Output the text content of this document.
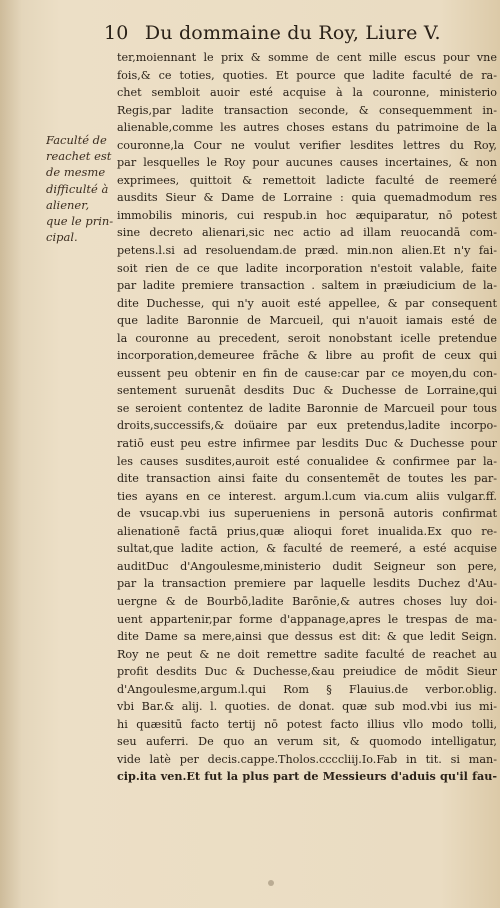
10 Du dommaine du Roy, Liure V.
Faculté de
reachet est
de mesme
difficulté à
aliener,
que le prin-
cipal.
ter,moiennant le prix & somme de cent mille escus pour vne
fois,& ce toties, quoties. Et pource que ladite faculté de ra-
chet sembloit auoir esté acquise à la couronne, ministerio
Regis,par ladite transaction seconde, & consequemment in-
alienable,comme les autres choses estans du patrimoine de la
couronne,la Cour ne voulut verifier lesdites lettres du Roy,
par lesquelles le Roy pour aucunes causes incertaines, & non
exprimees, quittoit & remettoit ladicte faculté de reemeré
ausdits Sieur & Dame de Lorraine : quia quemadmodum res
immobilis minoris, cui respub.in hoc æquiparatur, nō potest
sine decreto alienari,sic nec actio ad illam reuocandā com-
petens.l.si ad resoluendam.de præd. min.non alien.Et n'y fai-
soit rien de ce que ladite incorporation n'estoit valable, faite
par ladite premiere transaction . saltem in præiudicium de la-
dite Duchesse, qui n'y auoit esté appellee, & par consequent
que ladite Baronnie de Marcueil, qui n'auoit iamais esté de
la couronne au precedent, seroit nonobstant icelle pretendue
incorporation,demeuree frāche & libre au profit de ceux qui
eussent peu obtenir en fin de cause:car par ce moyen,du con-
sentement suruenāt desdits Duc & Duchesse de Lorraine,qui
se seroient contentez de ladite Baronnie de Marcueil pour tous
droits,successifs,& doüaire par eux pretendus,ladite incorpo-
ratiō eust peu estre infirmee par lesdits Duc & Duchesse pour
les causes susdites,auroit esté conualidee & confirmee par la-
dite transaction ainsi faite du consentemēt de toutes les par-
ties ayans en ce interest. argum.l.cum via.cum aliis vulgar.ff.
de vsucap.vbi ius superueniens in personā autoris confirmat
alienationē factā prius,quæ alioqui foret inualida.Ex quo re-
sultat,que ladite action, & faculté de reemeré, a esté acquise
auditDuc d'Angoulesme,ministerio dudit Seigneur son pere,
par la transaction premiere par laquelle lesdits Duchez d'Au-
uergne & de Bourbō,ladite Barōnie,& autres choses luy doi-
uent appartenir,par forme d'appanage,apres le trespas de ma-
dite Dame sa mere,ainsi que dessus est dit: & que ledit Seign.
Roy ne peut & ne doit remettre sadite faculté de reachet au
profit desdits Duc & Duchesse,&au preiudice de mōdit Sieur
d'Angoulesme,argum.l.qui Rom § Flauius.de verbor.oblig.
vbi Bar.& alij. l. quoties. de donat. quæ sub mod.vbi ius mi-
hi quæsitū facto tertij nō potest facto illius vllo modo tolli,
seu auferri. De quo an verum sit, & quomodo intelligatur,
vide latè per decis.cappe.Tholos.ccccliij.Io.Fab in tit. si man-
cip.ita ven.Et fut la plus part de Messieurs d'aduis qu'il fau-
